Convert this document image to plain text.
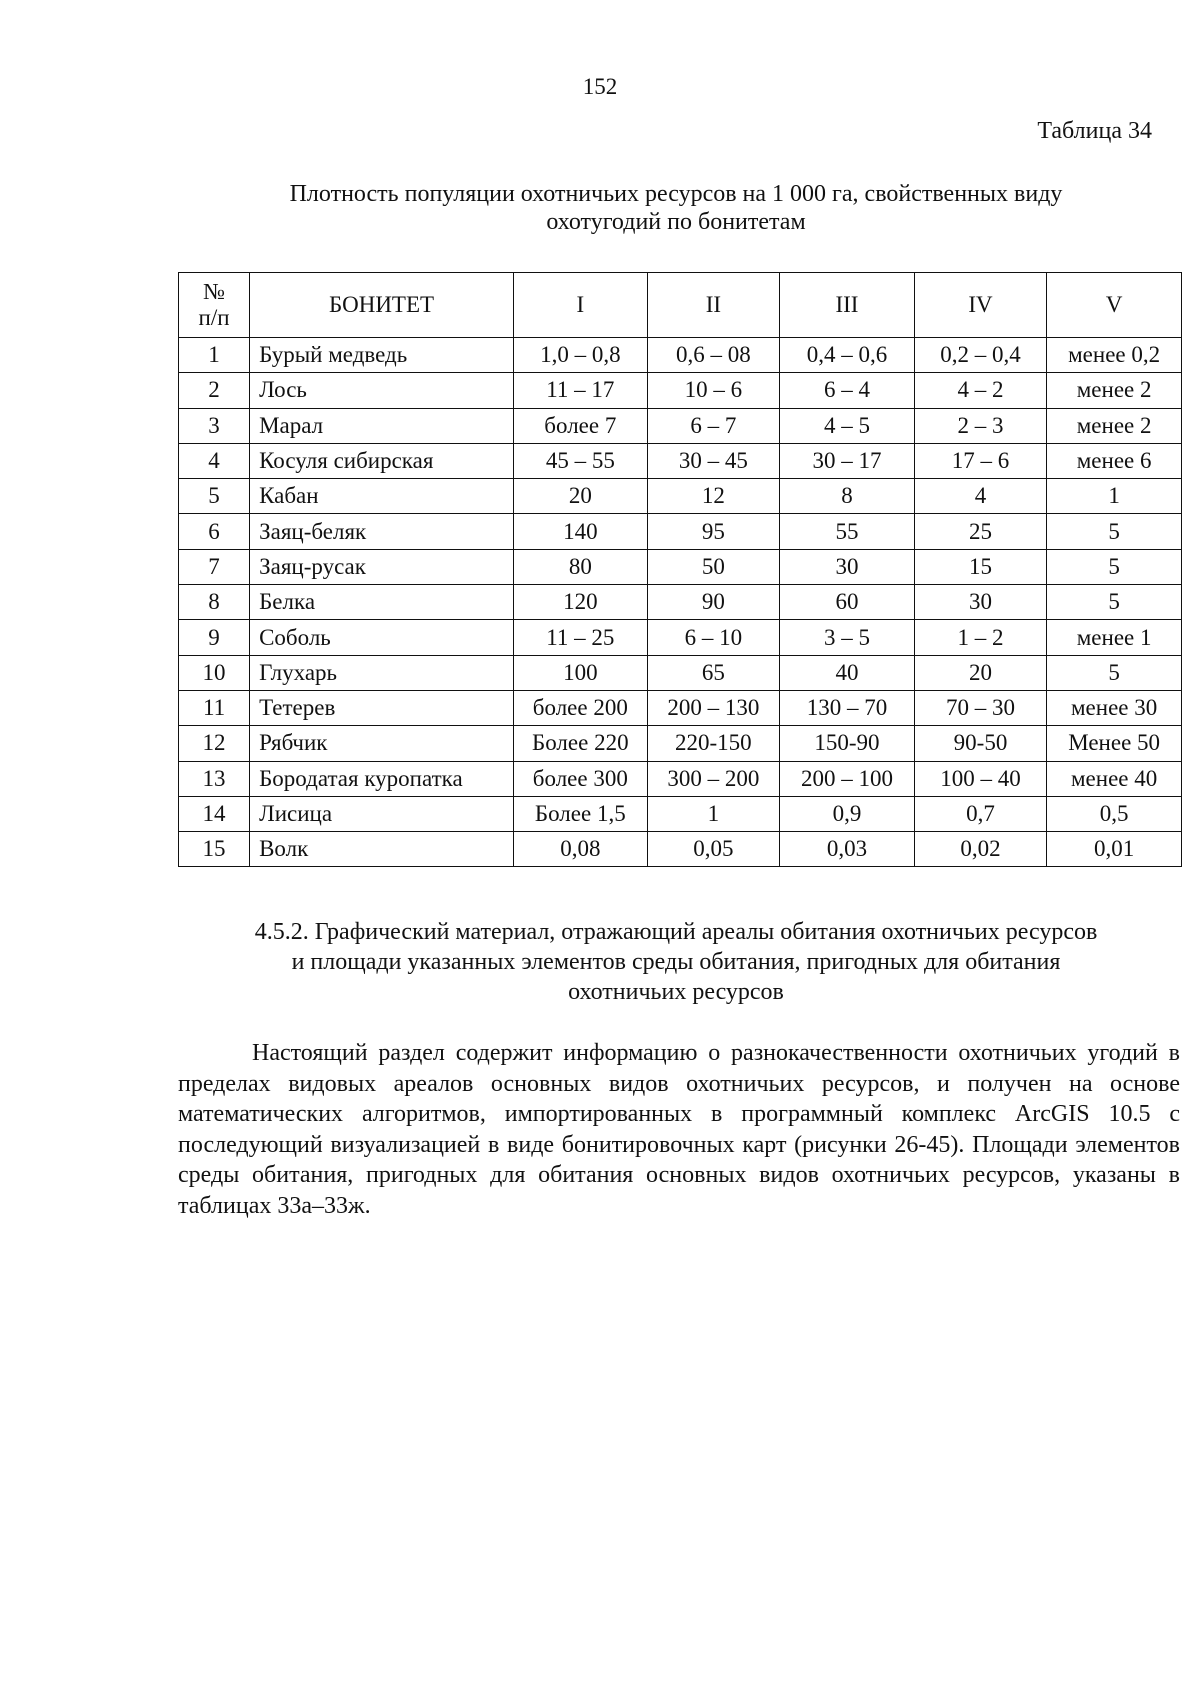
152
Таблица 34
Плотность популяции охотничьих ресурсов на 1 000 га, свойственных виду
охотугодий по бонитетам
№
п/п	БОНИТЕТ	I	II	III	IV	V
1	Бурый медведь	1,0 – 0,8	0,6 – 08	0,4 – 0,6	0,2 – 0,4	менее 0,2
2	Лось	11 – 17	10 – 6	6 – 4	4 – 2	менее 2
3	Марал	более 7	6 – 7	4 – 5	2 – 3	менее 2
4	Косуля сибирская	45 – 55	30 – 45	30 – 17	17 – 6	менее 6
5	Кабан	20	12	8	4	1
6	Заяц-беляк	140	95	55	25	5
7	Заяц-русак	80	50	30	15	5
8	Белка	120	90	60	30	5
9	Соболь	11 – 25	6 – 10	3 – 5	1 – 2	менее 1
10	Глухарь	100	65	40	20	5
11	Тетерев	более 200	200 – 130	130 – 70	70 – 30	менее 30
12	Рябчик	Более 220	220-150	150-90	90-50	Менее 50
13	Бородатая куропатка	более 300	300 – 200	200 – 100	100 – 40	менее 40
14	Лисица	Более 1,5	1	0,9	0,7	0,5
15	Волк	0,08	0,05	0,03	0,02	0,01
4.5.2. Графический материал, отражающий ареалы обитания охотничьих ресурсов
и площади указанных элементов среды обитания, пригодных для обитания
охотничьих ресурсов
Настоящий раздел содержит информацию о разнокачественности охотничьих угодий в пределах видовых ареалов основных видов охотничьих ресурсов, и получен на основе математических алгоритмов, импортированных в программный комплекс ArcGIS 10.5 с последующий визуализацией в виде бонитировочных карт (рисунки 26-45). Площади элементов среды обитания, пригодных для обитания основных видов охотничьих ресурсов, указаны в таблицах 33а–33ж.
